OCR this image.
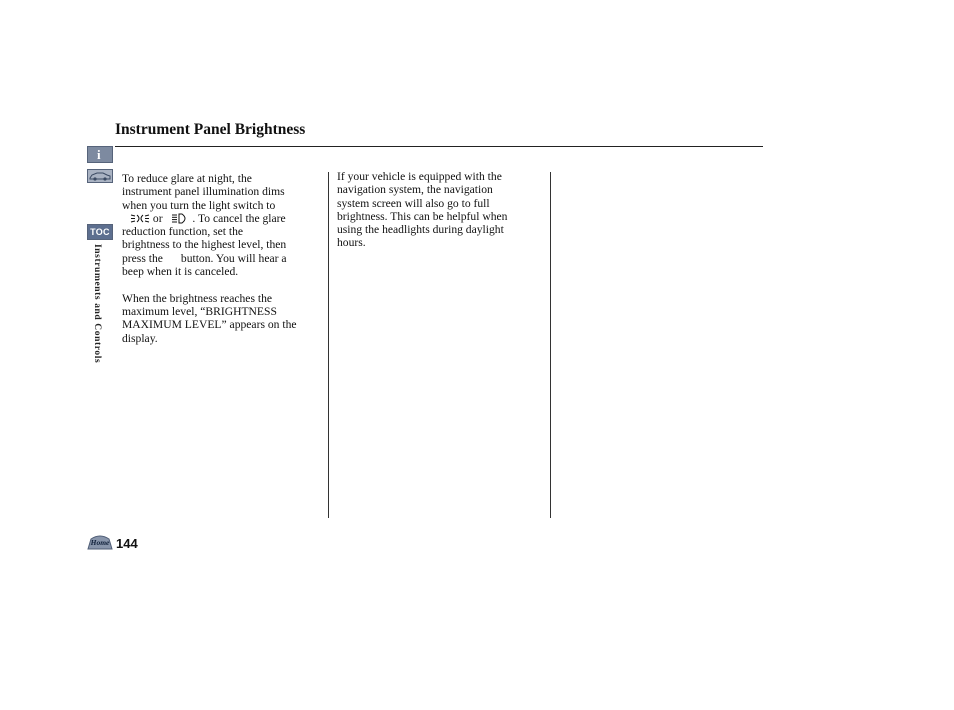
Instrument Panel Brightness
i
TOC
Instruments and Controls
To reduce glare at night, the
instrument panel illumination dims
when you turn the light switch to
or	. To cancel the glare
reduction function, set the
brightness to the highest level, then
press the button. You will hear a
beep when it is canceled.
When the brightness reaches the
maximum level, “BRIGHTNESS
MAXIMUM LEVEL” appears on the
display.
If your vehicle is equipped with the
navigation system, the navigation
system screen will also go to full
brightness. This can be helpful when
using the headlights during daylight
hours.
Home 144
